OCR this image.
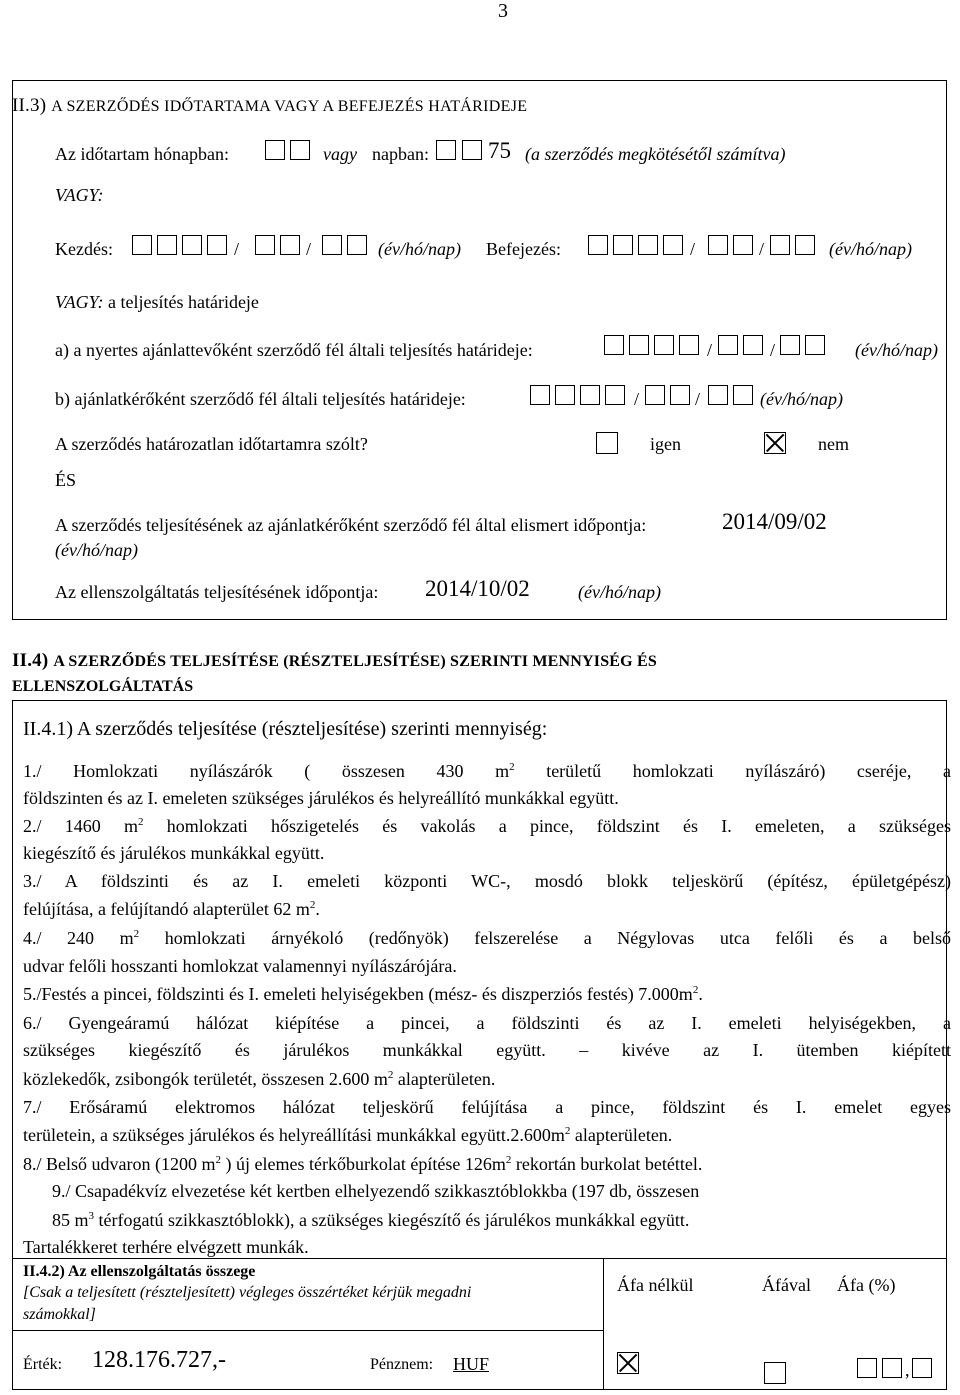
3
II.3) A SZERZŐDÉS IDŐTARTAMA VAGY A BEFEJEZÉS HATÁRIDEJE
Az időtartam hónapban:	vagy napban:	75 (a szerződés megkötésétől számítva)
VAGY:
Kezdés:	/	/	(év/hó/nap) Befejezés:	/	/	(év/hó/nap)
VAGY: a teljesítés határideje
a) a nyertes ajánlattevőként szerződő fél általi teljesítés határideje:	/	/	(év/hó/nap)
b) ajánlatkérőként szerződő fél általi teljesítés határideje:	/	/	(év/hó/nap)
A szerződés határozatlan időtartamra szólt?	igen	nem
ÉS
A szerződés teljesítésének az ajánlatkérőként szerződő fél által elismert időpontja:	2014/09/02
(év/hó/nap)
Az ellenszolgáltatás teljesítésének időpontja: 2014/10/02	(év/hó/nap)
II.4) A SZERZŐDÉS TELJESÍTÉSE (RÉSZTELJESÍTÉSE) SZERINTI MENNYISÉG ÉS
ELLENSZOLGÁLTATÁS
II.4.1) A szerződés teljesítése (részteljesítése) szerinti mennyiség:
1./ Homlokzati nyílászárók ( összesen 430 $m^2$ területű homlokzati nyílászáró) cseréje, a
földszinten és az I. emeleten szükséges járulékos és helyreállító munkákkal együtt.
2./ 1460 $m^2$ homlokzati hőszigetelés és vakolás a pince, földszint és I. emeleten, a szükséges
kiegészítő és járulékos munkákkal együtt.
3./ A földszinti és az I. emeleti központi WC-, mosdó blokk teljeskörű (építész, épületgépész)
felújítása, a felújítandó alapterület 62 $m^2$.
4./ 240 $m^2$ homlokzati árnyékoló (redőnyök) felszerelése a Négylovas utca felőli és a belső
udvar felőli hosszanti homlokzat valamennyi nyílászárójára.
5./Festés a pincei, földszinti és I. emeleti helyiségekben (mész- és diszperziós festés) $7.000m^2$.
6./ Gyengeáramú hálózat kiépítése a pincei, a földszinti és az I. emeleti helyiségekben, a
szükséges kiegészítő és járulékos munkákkal együtt. – kivéve az I. ütemben kiépített
közlekedők, zsibongók területét, összesen 2.600 $m^2$ alapterületen.
7./ Erősáramú elektromos hálózat teljeskörű felújítása a pince, földszint és I. emelet egyes
területein, a szükséges járulékos és helyreállítási munkákkal $együtt.2.600m^2$ alapterületen.
8./ Belső udvaron (1200 $m^2$ ) új elemes térkőburkolat építése $126m^2$ rekortán burkolat betéttel.
9./ Csapadékvíz elvezetése két kertben elhelyezendő szikkasztóblokkba (197 db, összesen
85 $m^3$ térfogatú szikkasztóblokk), a szükséges kiegészítő és járulékos munkákkal együtt.
Tartalékkeret terhére elvégzett munkák.
II.4.2) Az ellenszolgáltatás összege
[Csak a teljesített (részteljesített) végleges összértéket kérjük megadni
számokkal]
Áfa nélkül	Áfával Áfa (%)
Érték: 128.176.727,-	Pénznem: HUF	,
